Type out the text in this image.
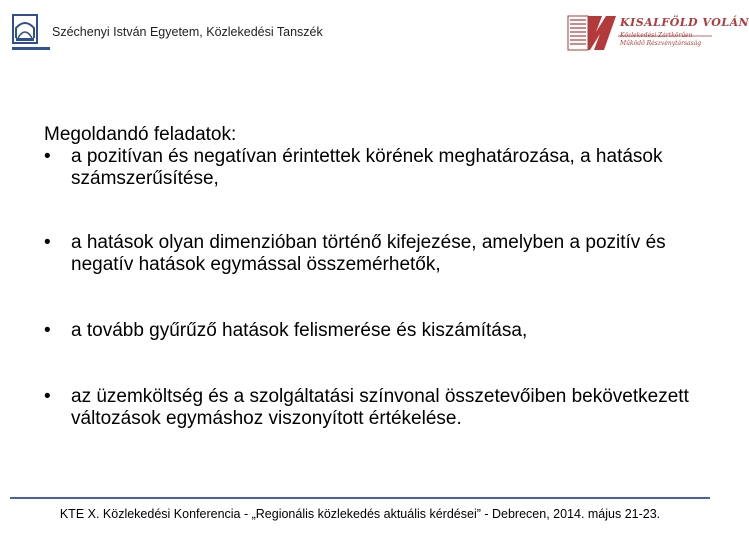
Széchenyi István Egyetem, Közlekedési Tanszék
KISALFÖLD VOLÁN
Közlekedési Zártkörűen Működő Részvénytársaság

Megoldandó feladatok:

• a pozitívan és negatívan érintettek körének meghatározása, a hatások számszerűsítése,
• a hatások olyan dimenzióban történő kifejezése, amelyben a pozitív és negatív hatások egymással összemérhetők,
• a tovább gyűrűző hatások felismerése és kiszámítása,
• az üzemköltség és a szolgáltatási színvonal összetevőiben bekövetkezett változások egymáshoz viszonyított értékelése.
KTE X. Közlekedési Konferencia - „Regionális közlekedés aktuális kérdései” - Debrecen, 2014. május 21-23.
